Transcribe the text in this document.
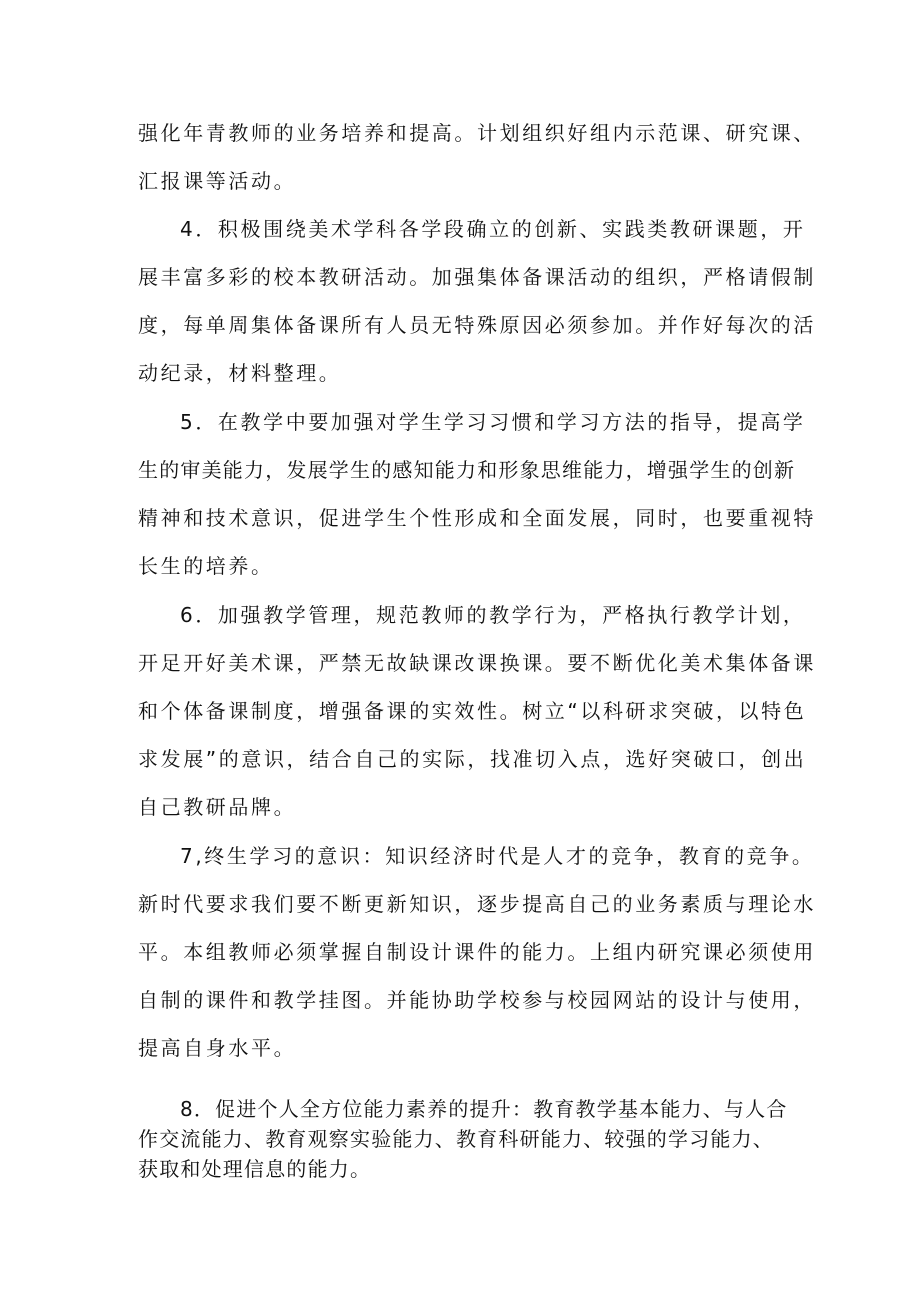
强化年青教师的业务培养和提高。计划组织好组内示范课、研究课、
汇报课等活动。
4．积极围绕美术学科各学段确立的创新、实践类教研课题，开
展丰富多彩的校本教研活动。加强集体备课活动的组织，严格请假制
度，每单周集体备课所有人员无特殊原因必须参加。并作好每次的活
动纪录，材料整理。
5．在教学中要加强对学生学习习惯和学习方法的指导，提高学
生的审美能力，发展学生的感知能力和形象思维能力，增强学生的创新
精神和技术意识，促进学生个性形成和全面发展，同时，也要重视特
长生的培养。
6．加强教学管理，规范教师的教学行为，严格执行教学计划，
开足开好美术课，严禁无故缺课改课换课。要不断优化美术集体备课
和个体备课制度，增强备课的实效性。树立“以科研求突破，以特色
求发展”的意识，结合自己的实际，找准切入点，选好突破口，创出
自己教研品牌。
7,终生学习的意识：知识经济时代是人才的竞争，教育的竞争。
新时代要求我们要不断更新知识，逐步提高自己的业务素质与理论水
平。本组教师必须掌握自制设计课件的能力。上组内研究课必须使用
自制的课件和教学挂图。并能协助学校参与校园网站的设计与使用，
提高自身水平。
8．促进个人全方位能力素养的提升：教育教学基本能力、与人合
作交流能力、教育观察实验能力、教育科研能力、较强的学习能力、
获取和处理信息的能力。
